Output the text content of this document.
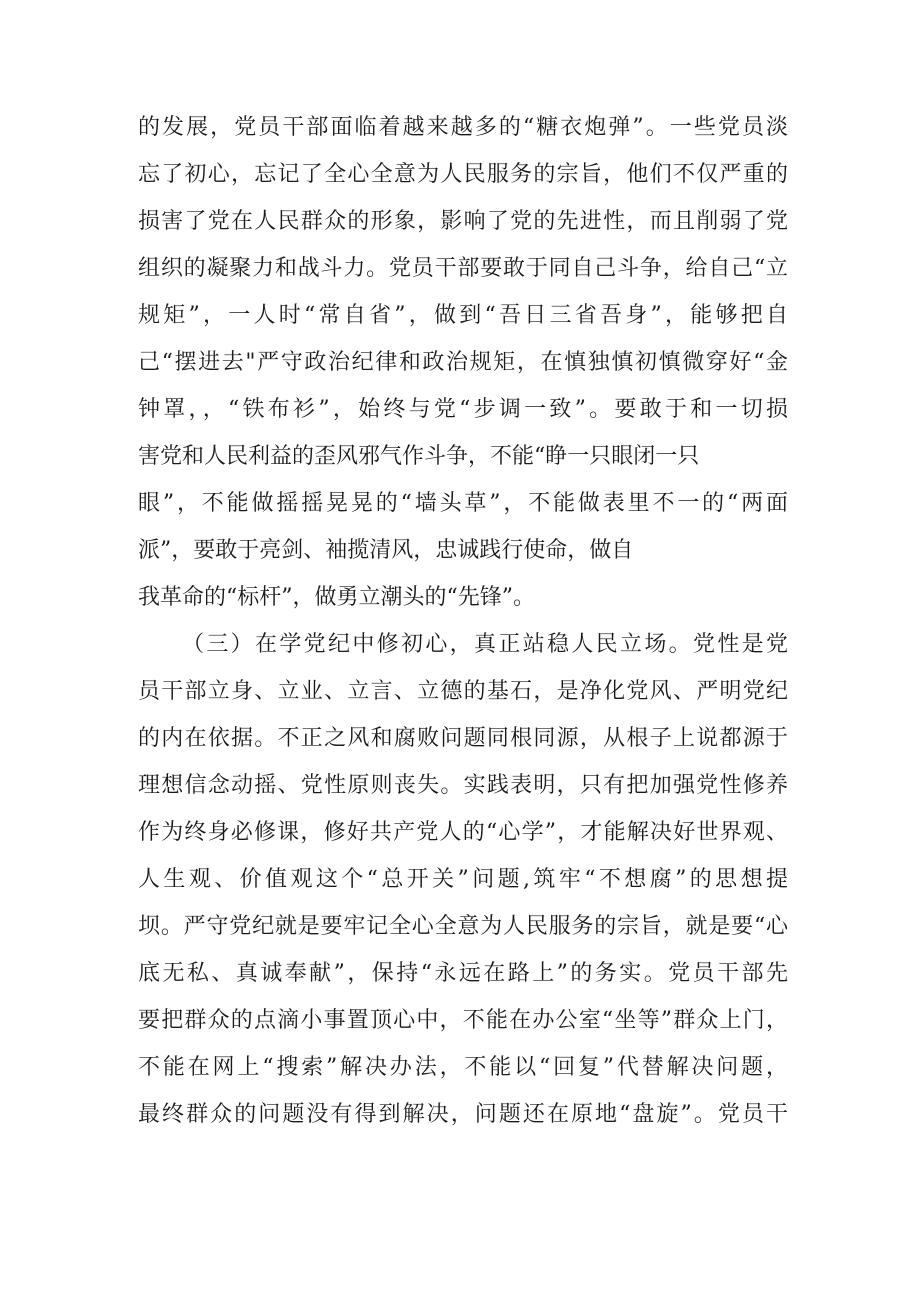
的发展，党员干部面临着越来越多的“糖衣炮弹”。一些党员淡
忘了初心，忘记了全心全意为人民服务的宗旨，他们不仅严重的
损害了党在人民群众的形象，影响了党的先进性，而且削弱了党
组织的凝聚力和战斗力。党员干部要敢于同自己斗争，给自己“立
规矩”，一人时“常自省”，做到“吾日三省吾身”，能够把自
己“摆进去"严守政治纪律和政治规矩，在慎独慎初慎微穿好“金
钟罩，，“铁布衫”，始终与党“步调一致”。要敢于和一切损
害党和人民利益的歪风邪气作斗争，不能“睁一只眼闭一只
眼”，不能做摇摇晃晃的“墙头草”，不能做表里不一的“两面
派”，要敢于亮剑、袖揽清风，忠诚践行使命，做自
我革命的“标杆”，做勇立潮头的“先锋”。
（三）在学党纪中修初心，真正站稳人民立场。党性是党
员干部立身、立业、立言、立德的基石，是净化党风、严明党纪
的内在依据。不正之风和腐败问题同根同源，从根子上说都源于
理想信念动摇、党性原则丧失。实践表明，只有把加强党性修养
作为终身必修课，修好共产党人的“心学”，才能解决好世界观、
人生观、价值观这个“总开关”问题,筑牢“不想腐”的思想提
坝。严守党纪就是要牢记全心全意为人民服务的宗旨，就是要“心
底无私、真诚奉献”，保持“永远在路上”的务实。党员干部先
要把群众的点滴小事置顶心中，不能在办公室“坐等”群众上门，
不能在网上“搜索”解决办法，不能以“回复”代替解决问题，
最终群众的问题没有得到解决，问题还在原地“盘旋”。党员干
